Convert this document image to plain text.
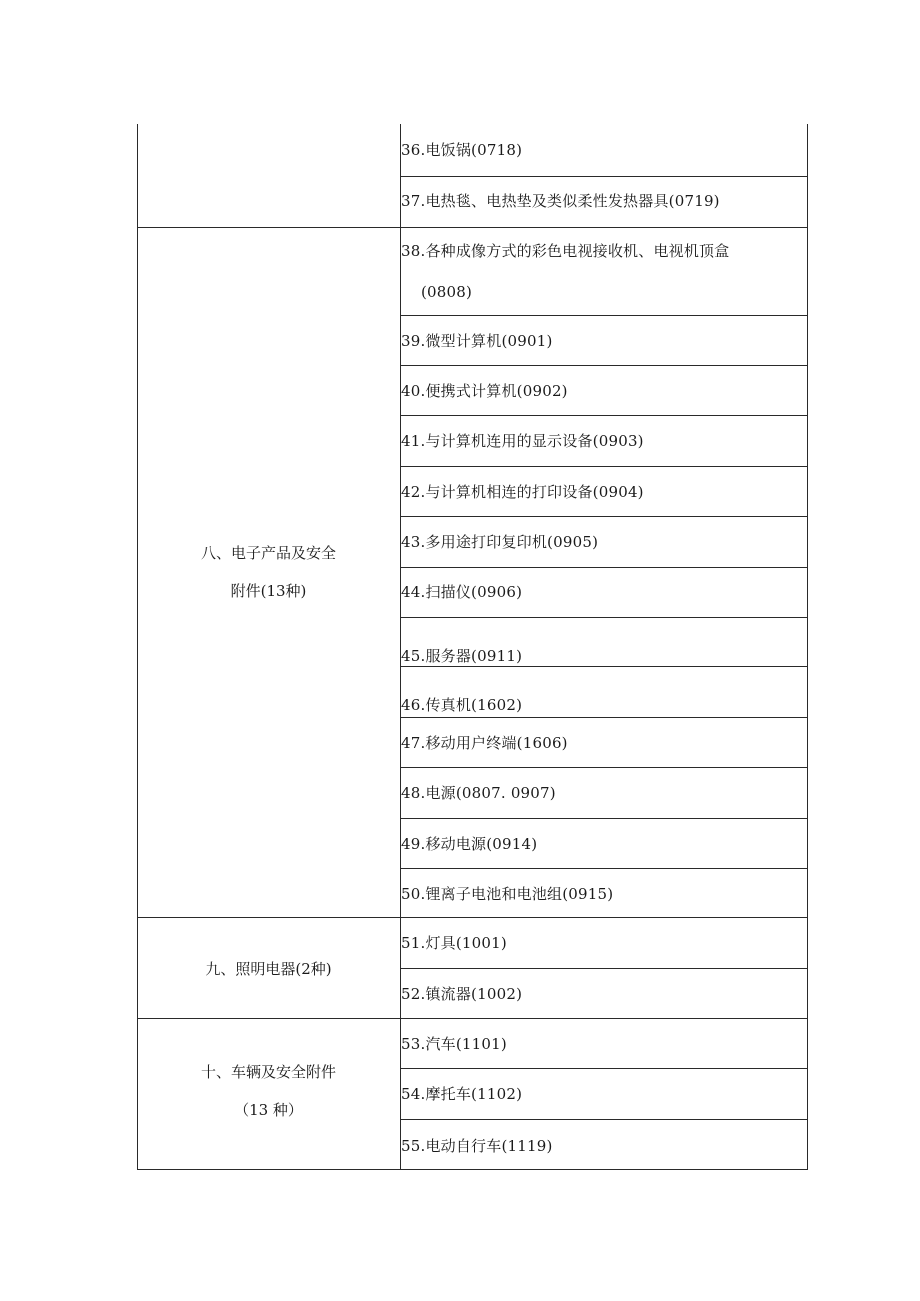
八、电子产品及安全
附件(13种)
九、照明电器(2种)
十、车辆及安全附件
（13 种）
36.电饭锅(0718)
37.电热毯、电热垫及类似柔性发热器具(0719)
38.各种成像方式的彩色电视接收机、电视机顶盒
(0808)
39.微型计算机(0901)
40.便携式计算机(0902)
41.与计算机连用的显示设备(0903)
42.与计算机相连的打印设备(0904)
43.多用途打印复印机(0905)
44.扫描仪(0906)
45.服务器(0911)
46.传真机(1602)
47.移动用户终端(1606)
48.电源(0807. 0907)
49.移动电源(0914)
50.锂离子电池和电池组(0915)
51.灯具(1001)
52.镇流器(1002)
53.汽车(1101)
54.摩托车(1102)
55.电动自行车(1119)
